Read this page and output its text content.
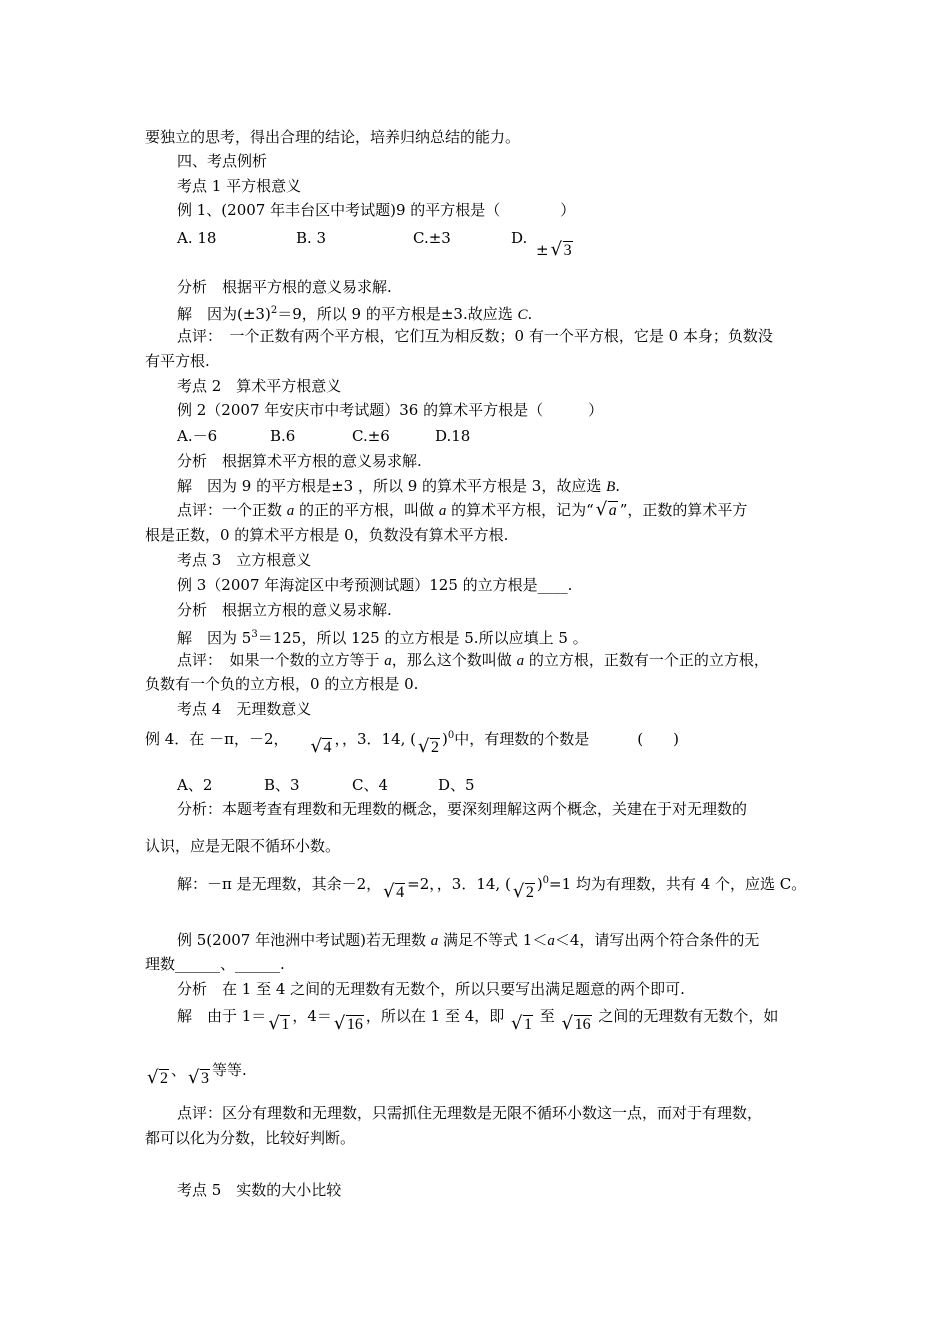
要独立的思考，得出合理的结论，培养归纳总结的能力。
四、考点例析
考点 1 平方根意义
例 1、(2007 年丰台区中考试题)9 的平方根是（　　　　）
A. 18	B. 3	C.±3	D.
± √ 3
分析　根据平方根的意义易求解.
解　因为$(\pm 3)^2=9$，所以 9 的平方根是±3.故应选 C.
点评：　一个正数有两个平方根，它们互为相反数；0 有一个平方根，它是 0 本身；负数没
有平方根.
考点 2　算术平方根意义
例 2（2007 年安庆市中考试题）36 的算术平方根是（　　　）
A.－6	B.6	C.±6	D.18
分析　根据算术平方根的意义易求解.
解　因为 9 的平方根是±3 ，所以 9 的算术平方根是 3，故应选 B.
点评：一个正数 a 的正的平方根，叫做 a 的算术平方根，记为“ √ a ”，正数的算术平方
根是正数，0 的算术平方根是 0，负数没有算术平方根.
考点 3　立方根意义
例 3（2007 年海淀区中考预测试题）125 的立方根是____.
分析　根据立方根的意义易求解.
解　因为 $5^3=125$，所以 125 的立方根是 5.所以应填上 5 。
点评：　如果一个数的立方等于 a，那么这个数叫做 a 的立方根，正数有一个正的立方根，
负数有一个负的立方根，0 的立方根是 0.
考点 4　无理数意义
例 4．在 －π，－2， √ 4 ，，3．14, ( √ 2 )$^0$中，有理数的个数是	(　　)
A、2	B、3	C、4	D、5
分析：本题考查有理数和无理数的概念，要深刻理解这两个概念，关建在于对无理数的
认识，应是无限不循环小数。
解：－π 是无理数，其余－2， √ 4 =2，，3．14, ( √ 2 )$^0$=1 均为有理数，共有 4 个，应选 C。
例 5(2007 年池洲中考试题)若无理数 a 满足不等式 1＜a＜4，请写出两个符合条件的无
理数______、______.
分析　在 1 至 4 之间的无理数有无数个，所以只要写出满足题意的两个即可.
解　由于 1＝ √ 1 ，4＝ √ 16 ，所以在 1 至 4，即 √ 1 至 √ 16 之间的无理数有无数个，如
√ 2 、 √ 3 等等.
点评：区分有理数和无理数，只需抓住无理数是无限不循环小数这一点，而对于有理数，
都可以化为分数，比较好判断。
考点 5　实数的大小比较
